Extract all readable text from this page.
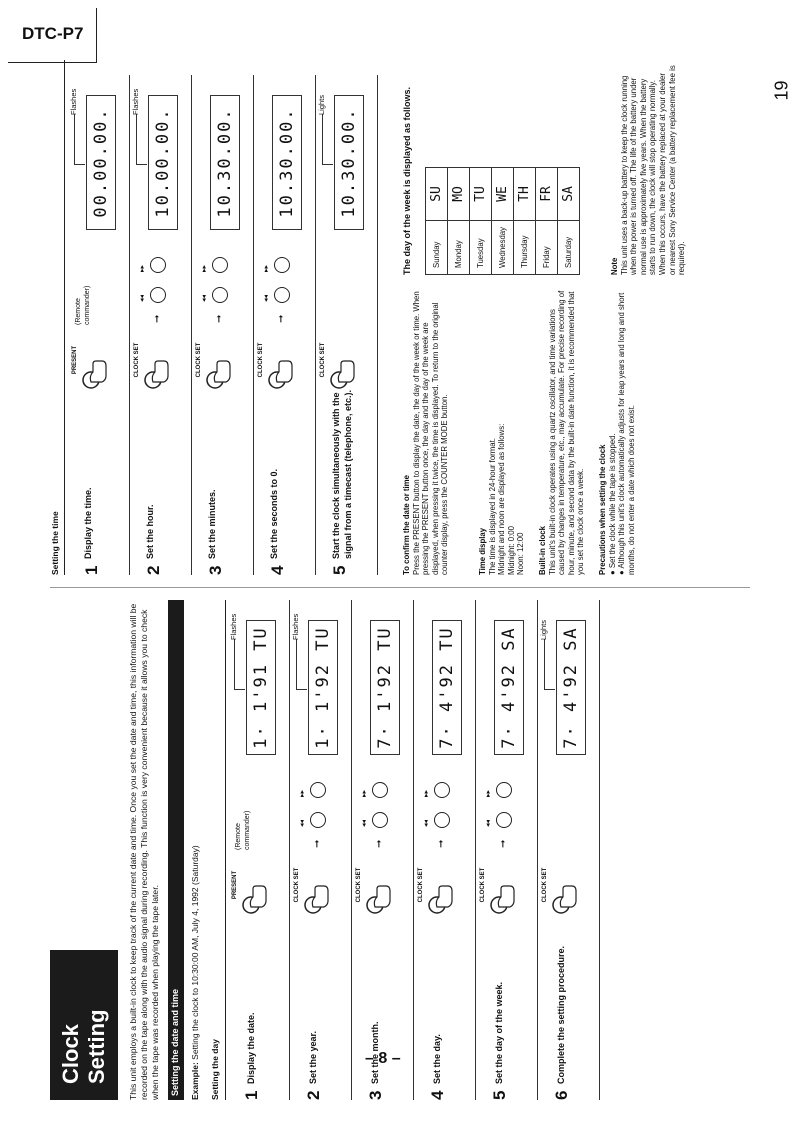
DTC-P7
Clock Setting	This unit employs a built-in clock to keep track of the current date and time. Once you set the date and time, this information will be recorded on the tape along with the audio signal during recording. This function is very convenient because it allows you to check when the tape was recorded when playing the tape later. Setting the date and time	Example: Setting the clock to 10:30:00 AM, July 4, 1992 (Saturday)
Setting the day 1
Display the date.
PRESENT
(Remote commander)
1· 1'91 TU
Flashes
2
Set the year.
CLOCK SET
➞
◂◂
▸▸
1· 1'92 TU
Flashes
3
Set the month.
CLOCK SET
➞
◂◂
▸▸
7· 1'92 TU
4
Set the day.
CLOCK SET
➞
◂◂
▸▸
7· 4'92 TU
5
Set the day of the week.
CLOCK SET
➞
◂◂
▸▸
7· 4'92 SA
6
Complete the setting procedure.
CLOCK SET
7· 4'92 SA
Lights
Setting the time 1
Display the time.
PRESENT
(Remote commander)
00.00.00.
Flashes
2
Set the hour.
CLOCK SET
➞
◂◂
▸▸
10.00.00.
Flashes
3
Set the minutes.
CLOCK SET
➞
◂◂
▸▸
10.30.00.
4
Set the seconds to 0.
CLOCK SET
➞
◂◂
▸▸
10.30.00.
5
Start the clock simultaneously with the signal from a timecast (telephone, etc.).
CLOCK SET
10.30.00.
Lights
To confirm the date or time Press the PRESENT button to display the date, the day of the week or time. When pressing the PRESENT button once, the day and the day of the week are displayed, when pressing it twice, the time is displayed. To return to the original counter display, press the COUNTER MODE button.	Time display The time is displayed in 24-hour format. Midnight and noon are displayed as follows: Midnight: 0:00 Noon: 12:00 Built-in clock This unit's built-in clock operates using a quartz oscillator, and time variations caused by changes in temperature, etc., may accumulate. For precise recording of hour, minute, and second data by the built-in date function, it is recommended that you set the clock once a week. Precautions when setting the clock ● Set the clock while the tape is stopped.
● Although this unit's clock automatically adjusts for leap years and long and short months, do not enter a date which does not exist.
The day of the week is displayed as follows.	Sunday	SU
Monday	MO
Tuesday	TU
Wednesday	WE
Thursday	TH
Friday	FR
Saturday	SA
Note This unit uses a back-up battery to keep the clock running when the power is turned off. The life of the battery under normal use is approximately five years. When the battery starts to run down, the clock will stop operating normally. When this occurs, have the battery replaced at your dealer or nearest Sony Service Center (a battery replacement fee is required).
19
– 8 –
